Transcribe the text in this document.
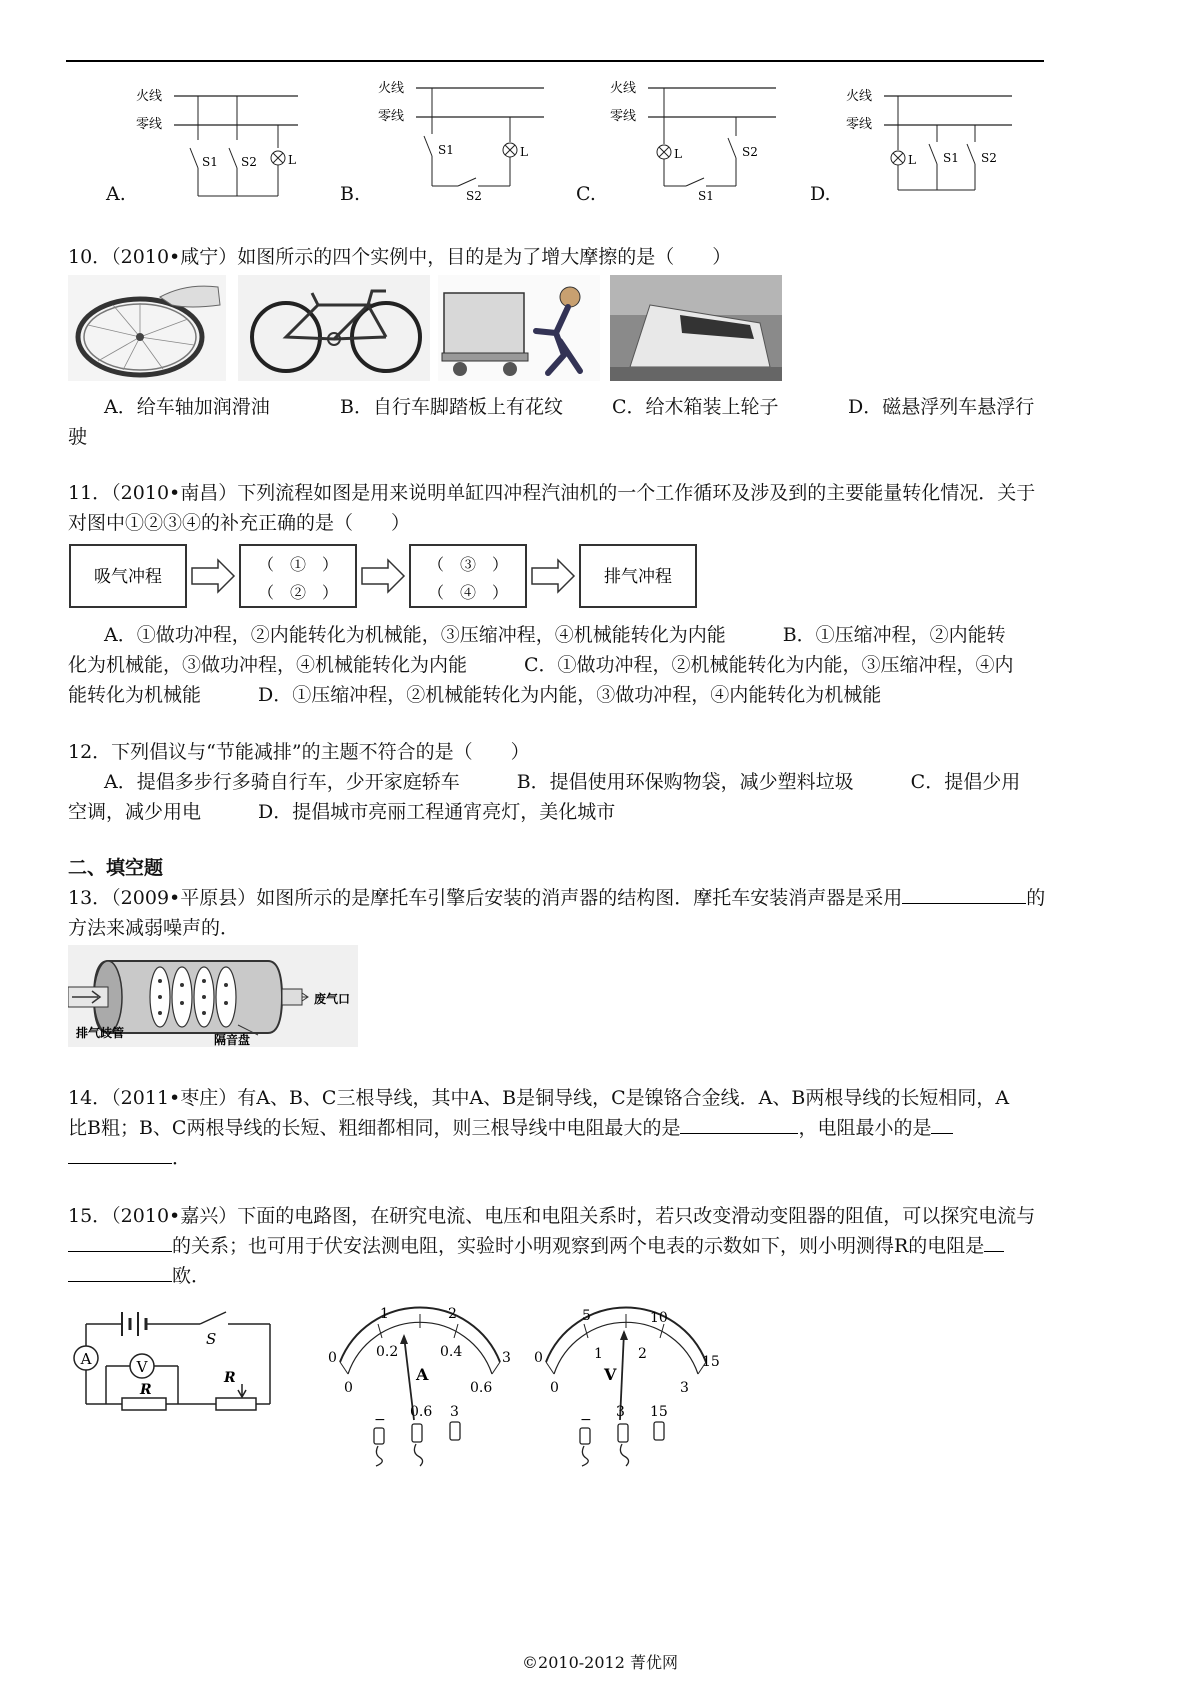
火线
零线
S1 S2	L
A.
火线
零线
S1	L
S2
B.
火线
零线
L	S2
S1
C.
火线
零线
L S1 S2
D.
10．（2010•咸宁）如图所示的四个实例中，目的是为了增大摩擦的是（　　）
A．给车轴加润滑油	B．自行车脚踏板上有花纹	C．给木箱装上轮子	D．磁悬浮列车悬浮行
驶
11．（2010•南昌）下列流程如图是用来说明单缸四冲程汽油机的一个工作循环及涉及到的主要能量转化情况．关于
对图中①②③④的补充正确的是（　　）
吸气冲程
（　①　）
（　②　）
（　③　）
（　④　）
排气冲程
A．①做功冲程，②内能转化为机械能，③压缩冲程，④机械能转化为内能　　　B．①压缩冲程，②内能转
化为机械能，③做功冲程，④机械能转化为内能　　　C．①做功冲程，②机械能转化为内能，③压缩冲程，④内
能转化为机械能　　　D．①压缩冲程，②机械能转化为内能，③做功冲程，④内能转化为机械能
12．下列倡议与“节能减排”的主题不符合的是（　　）
A．提倡多步行多骑自行车，少开家庭轿车　　　B．提倡使用环保购物袋，减少塑料垃圾　　　C．提倡少用
空调，减少用电　　　D．提倡城市亮丽工程通宵亮灯，美化城市
二、填空题
13．（2009•平原县）如图所示的是摩托车引擎后安装的消声器的结构图．摩托车安装消声器是采用	的
方法来减弱噪声的．
废气口
排气歧管	隔音盘
14．（2011•枣庄）有A、B、C三根导线，其中A、B是铜导线，C是镍铬合金线．A、B两根导线的长短相同，A
比B粗；B、C两根导线的长短、粗细都相同，则三根导线中电阻最大的是	，电阻最小的是
．
15．（2010•嘉兴）下面的电路图，在研究电流、电压和电阻关系时，若只改变滑动变阻器的阻值，可以探究电流与
的关系；也可用于伏安法测电阻，实验时小明观察到两个电表的示数如下，则小明测得R的电阻是
欧．
S
A
R
V
R
0
1	2
3
0
0.2	0.4
0.6
A
− 0.6 3
0
5	10
15
0
1	2
3
V
− 3 15
©2010-2012 菁优网
